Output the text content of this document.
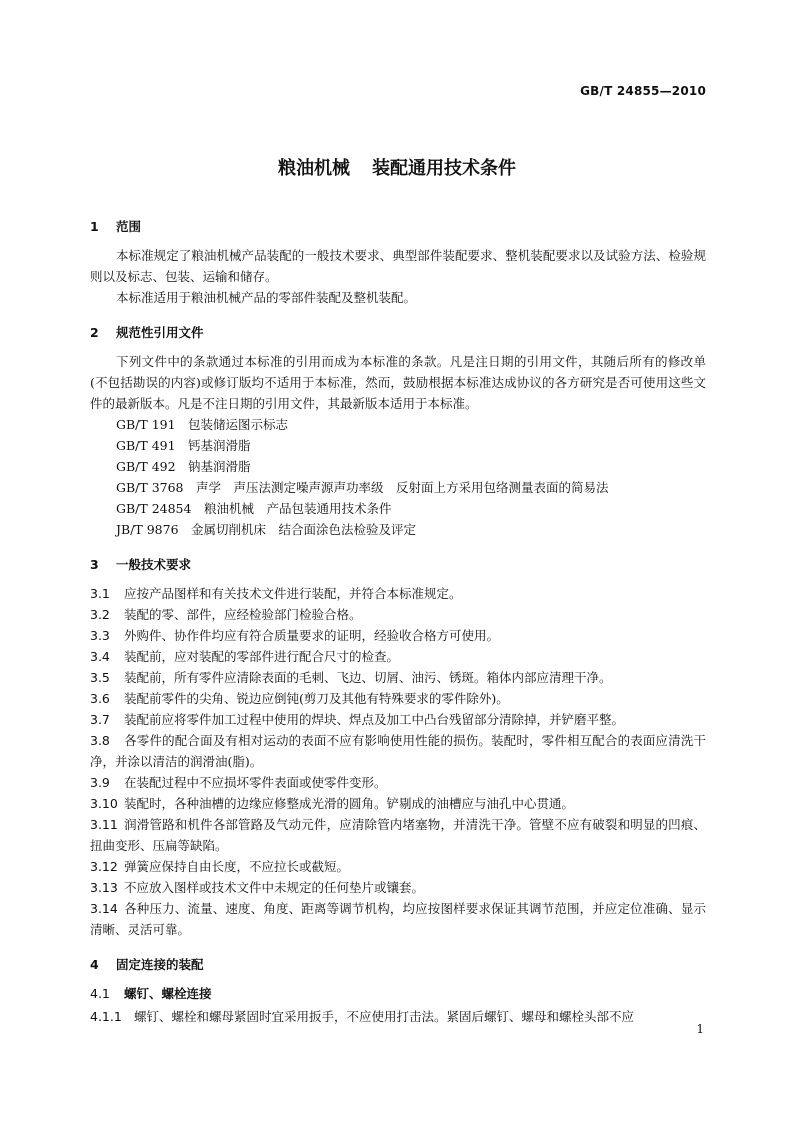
GB/T 24855—2010
粮油机械 装配通用技术条件
1 范围

本标准规定了粮油机械产品装配的一般技术要求、典型部件装配要求、整机装配要求以及试验方法、检验规则以及标志、包装、运输和储存。

本标准适用于粮油机械产品的零部件装配及整机装配。

2 规范性引用文件

下列文件中的条款通过本标准的引用而成为本标准的条款。凡是注日期的引用文件，其随后所有的修改单(不包括勘误的内容)或修订版均不适用于本标准，然而，鼓励根据本标准达成协议的各方研究是否可使用这些文件的最新版本。凡是不注日期的引用文件，其最新版本适用于本标准。

GB/T 191　包装储运图示标志

GB/T 491　钙基润滑脂

GB/T 492　钠基润滑脂

GB/T 3768　声学　声压法测定噪声源声功率级　反射面上方采用包络测量表面的简易法

GB/T 24854　粮油机械　产品包装通用技术条件

JB/T 9876　金属切削机床　结合面涂色法检验及评定

3 一般技术要求

3.1 应按产品图样和有关技术文件进行装配，并符合本标准规定。

3.2 装配的零、部件，应经检验部门检验合格。

3.3 外购件、协作件均应有符合质量要求的证明，经验收合格方可使用。

3.4 装配前，应对装配的零部件进行配合尺寸的检查。

3.5 装配前，所有零件应清除表面的毛刺、飞边、切屑、油污、锈斑。箱体内部应清理干净。

3.6 装配前零件的尖角、锐边应倒钝(剪刀及其他有特殊要求的零件除外)。

3.7 装配前应将零件加工过程中使用的焊块、焊点及加工中凸台残留部分清除掉，并铲磨平整。

3.8 各零件的配合面及有相对运动的表面不应有影响使用性能的损伤。装配时，零件相互配合的表面应清洗干净，并涂以清洁的润滑油(脂)。

3.9 在装配过程中不应损坏零件表面或使零件变形。

3.10 装配时，各种油槽的边缘应修整成光滑的圆角。铲剔成的油槽应与油孔中心贯通。

3.11 润滑管路和机件各部管路及气动元件，应清除管内堵塞物，并清洗干净。管壁不应有破裂和明显的凹痕、扭曲变形、压扁等缺陷。

3.12 弹簧应保持自由长度，不应拉长或截短。

3.13 不应放入图样或技术文件中未规定的任何垫片或镶套。

3.14 各种压力、流量、速度、角度、距离等调节机构，均应按图样要求保证其调节范围，并应定位准确、显示清晰、灵活可靠。

4 固定连接的装配
4.1 螺钉、螺栓连接

4.1.1 螺钉、螺栓和螺母紧固时宜采用扳手，不应使用打击法。紧固后螺钉、螺母和螺栓头部不应

1
